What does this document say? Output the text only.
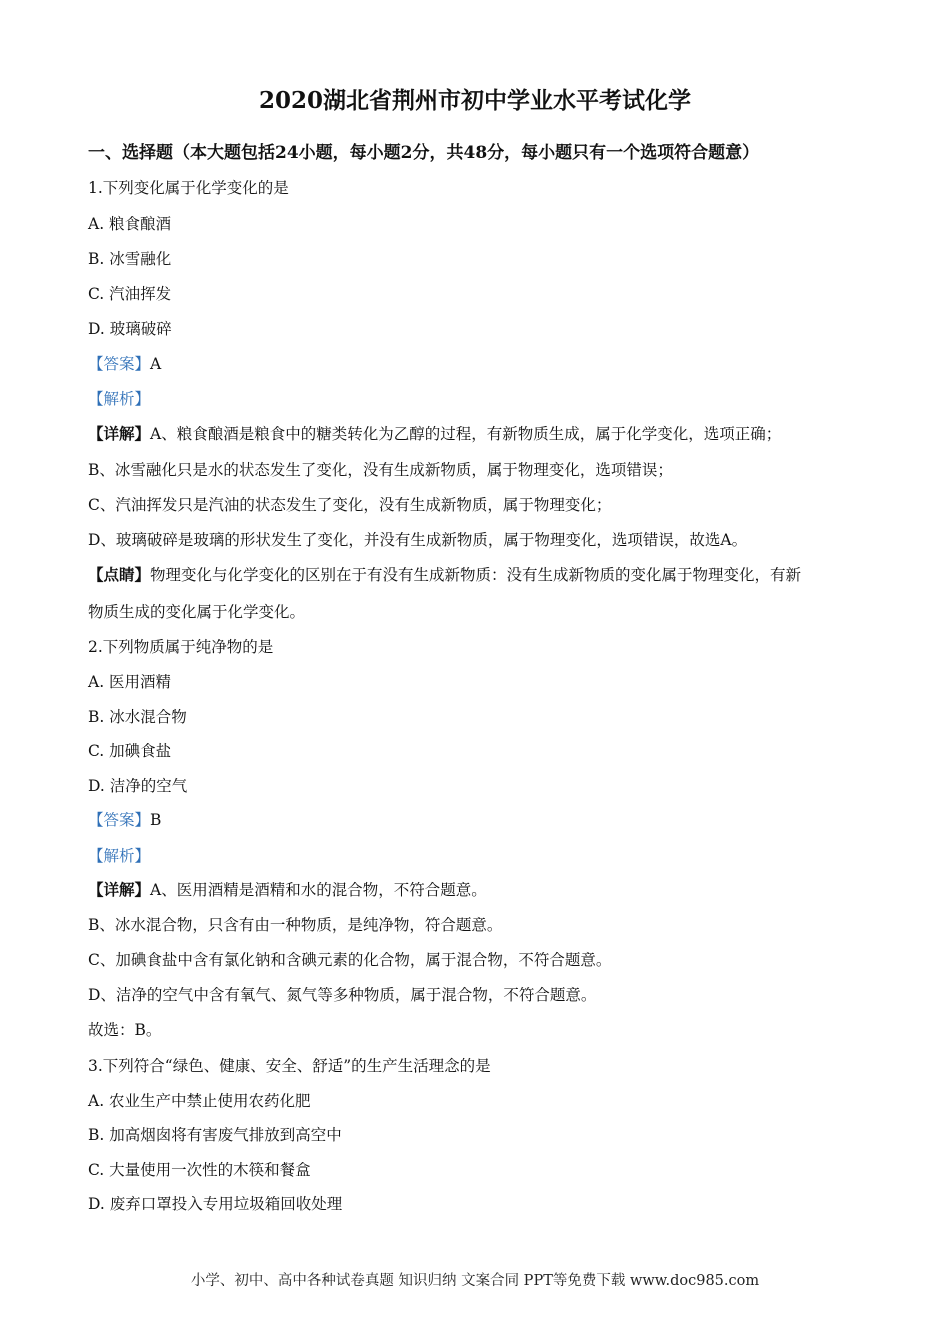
2020湖北省荆州市初中学业水平考试化学
一、选择题（本大题包括24小题，每小题2分，共48分，每小题只有一个选项符合题意）
1.下列变化属于化学变化的是
A. 粮食酿酒
B. 冰雪融化
C. 汽油挥发
D. 玻璃破碎
【答案】A
【解析】
【详解】A、粮食酿酒是粮食中的糖类转化为乙醇的过程，有新物质生成，属于化学变化，选项正确；
B、冰雪融化只是水的状态发生了变化，没有生成新物质，属于物理变化，选项错误；
C、汽油挥发只是汽油的状态发生了变化，没有生成新物质，属于物理变化；
D、玻璃破碎是玻璃的形状发生了变化，并没有生成新物质，属于物理变化，选项错误，故选A。
【点睛】物理变化与化学变化的区别在于有没有生成新物质：没有生成新物质的变化属于物理变化，有新
物质生成的变化属于化学变化。
2.下列物质属于纯净物的是
A. 医用酒精
B. 冰水混合物
C. 加碘食盐
D. 洁净的空气
【答案】B
【解析】
【详解】A、医用酒精是酒精和水的混合物，不符合题意。
B、冰水混合物，只含有由一种物质，是纯净物，符合题意。
C、加碘食盐中含有氯化钠和含碘元素的化合物，属于混合物，不符合题意。
D、洁净的空气中含有氧气、氮气等多种物质，属于混合物，不符合题意。
故选：B。
3.下列符合“绿色、健康、安全、舒适”的生产生活理念的是
A. 农业生产中禁止使用农药化肥
B. 加高烟囱将有害废气排放到高空中
C. 大量使用一次性的木筷和餐盒
D. 废弃口罩投入专用垃圾箱回收处理
小学、初中、高中各种试卷真题 知识归纳 文案合同 PPT等免费下载 www.doc985.com
